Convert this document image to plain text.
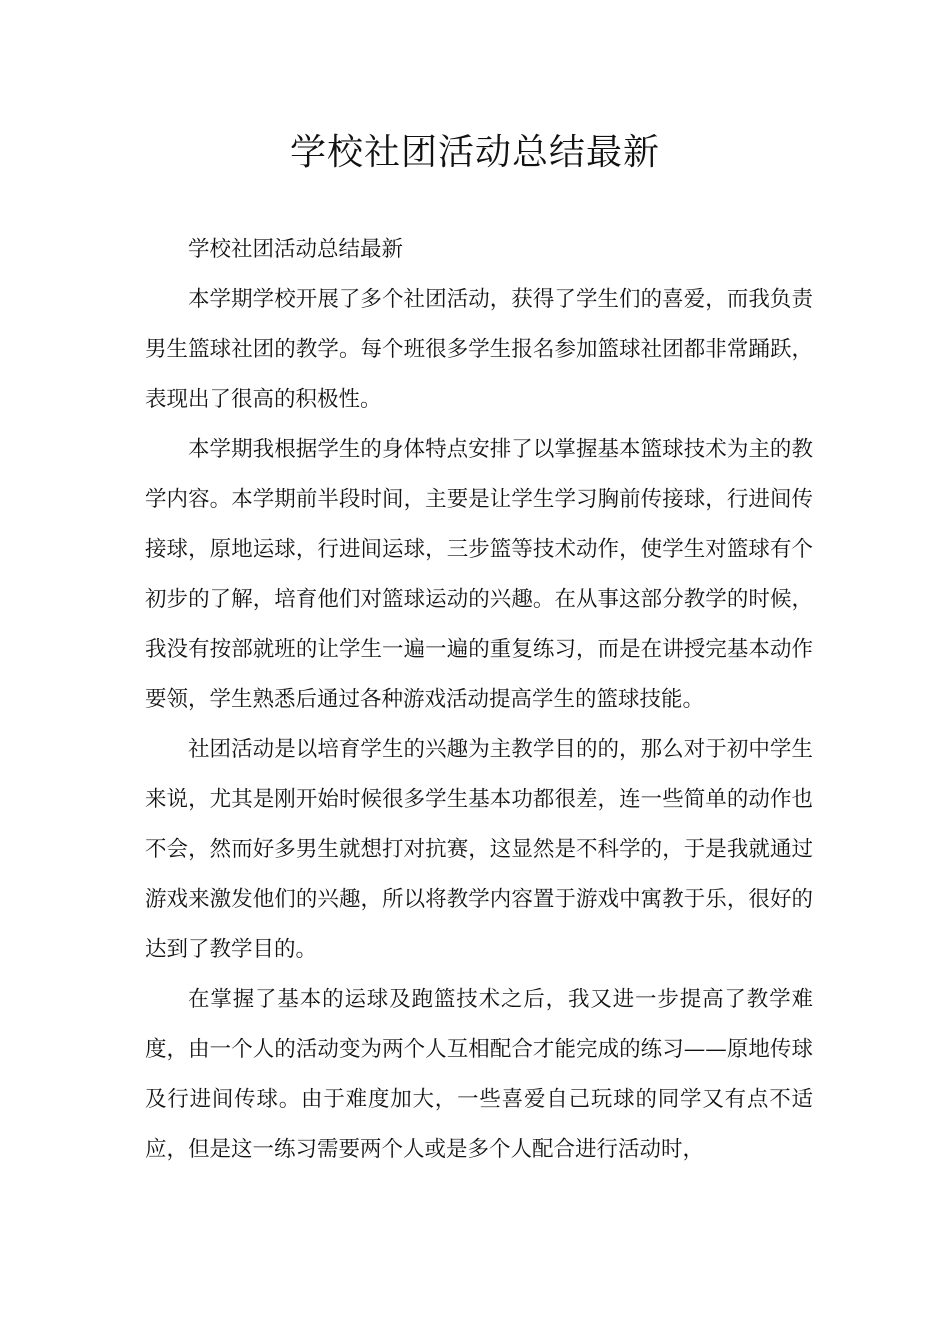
学校社团活动总结最新

学校社团活动总结最新

本学期学校开展了多个社团活动，获得了学生们的喜爱，而我负责男生篮球社团的教学。每个班很多学生报名参加篮球社团都非常踊跃，表现出了很高的积极性。

本学期我根据学生的身体特点安排了以掌握基本篮球技术为主的教学内容。本学期前半段时间，主要是让学生学习胸前传接球，行进间传接球，原地运球，行进间运球，三步篮等技术动作，使学生对篮球有个初步的了解，培育他们对篮球运动的兴趣。在从事这部分教学的时候，我没有按部就班的让学生一遍一遍的重复练习，而是在讲授完基本动作要领，学生熟悉后通过各种游戏活动提高学生的篮球技能。

社团活动是以培育学生的兴趣为主教学目的的，那么对于初中学生来说，尤其是刚开始时候很多学生基本功都很差，连一些简单的动作也不会，然而好多男生就想打对抗赛，这显然是不科学的，于是我就通过游戏来激发他们的兴趣，所以将教学内容置于游戏中寓教于乐，很好的达到了教学目的。

在掌握了基本的运球及跑篮技术之后，我又进一步提高了教学难度，由一个人的活动变为两个人互相配合才能完成的练习——原地传球及行进间传球。由于难度加大，一些喜爱自己玩球的同学又有点不适应，但是这一练习需要两个人或是多个人配合进行活动时，
